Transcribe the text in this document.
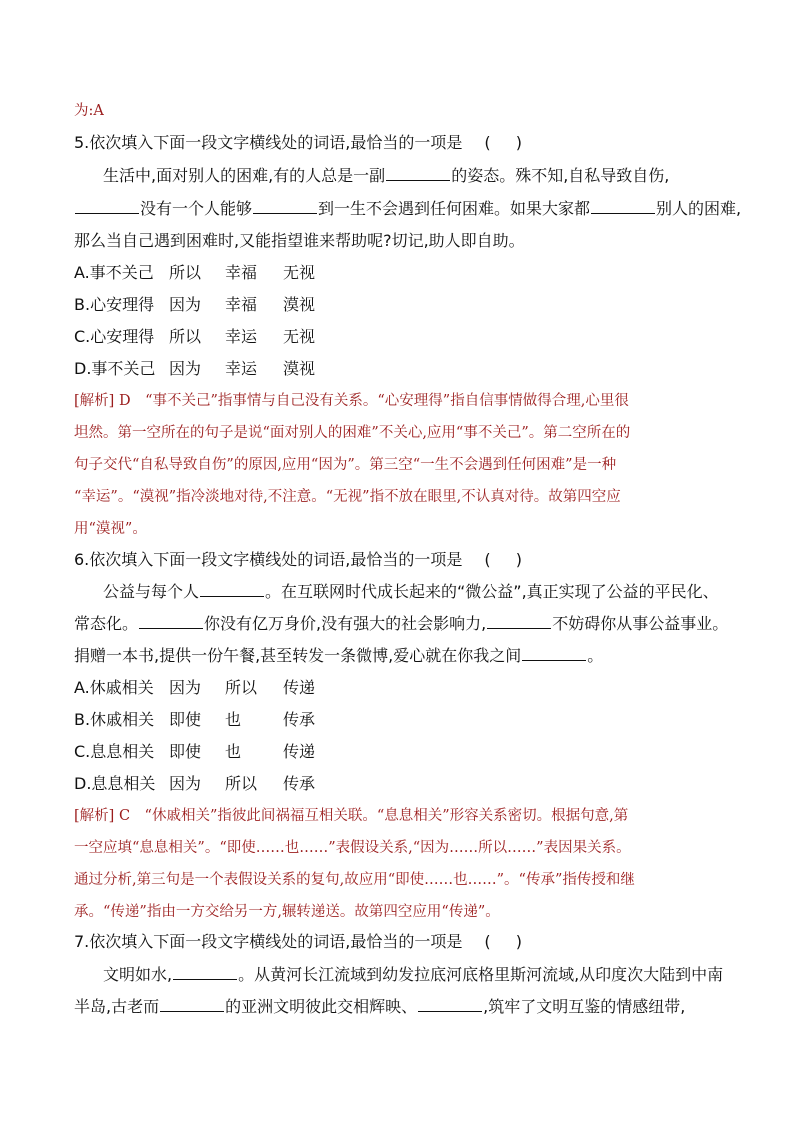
为:A
5.依次填入下面一段文字横线处的词语,最恰当的一项是 ( )
生活中,面对别人的困难,有的人总是一副	的姿态。殊不知,自私导致自伤,
没有一个人能够	到一生不会遇到任何困难。如果大家都	别人的困难,
那么当自己遇到困难时,又能指望谁来帮助呢?切记,助人即自助。
A.事不关己 所以 幸福 无视
B.心安理得 因为 幸福 漠视
C.心安理得 所以 幸运 无视
D.事不关己 因为 幸运 漠视
[解析] D　“事不关己”指事情与自己没有关系。“心安理得”指自信事情做得合理,心里很
坦然。第一空所在的句子是说“面对别人的困难”不关心,应用“事不关己”。第二空所在的
句子交代“自私导致自伤”的原因,应用“因为”。第三空“一生不会遇到任何困难”是一种
“幸运”。“漠视”指冷淡地对待,不注意。“无视”指不放在眼里,不认真对待。故第四空应
用“漠视”。
6.依次填入下面一段文字横线处的词语,最恰当的一项是 ( )
公益与每个人	。在互联网时代成长起来的“微公益”,真正实现了公益的平民化、
常态化。	你没有亿万身价,没有强大的社会影响力,	不妨碍你从事公益事业。
捐赠一本书,提供一份午餐,甚至转发一条微博,爱心就在你我之间	。
A.休戚相关 因为 所以 传递
B.休戚相关 即使 也	传承
C.息息相关 即使 也	传递
D.息息相关 因为 所以 传承
[解析] C　“休戚相关”指彼此间祸福互相关联。“息息相关”形容关系密切。根据句意,第
一空应填“息息相关”。“即使……也……”表假设关系,“因为……所以……”表因果关系。
通过分析,第三句是一个表假设关系的复句,故应用“即使……也……”。“传承”指传授和继
承。“传递”指由一方交给另一方,辗转递送。故第四空应用“传递”。
7.依次填入下面一段文字横线处的词语,最恰当的一项是 ( )
文明如水,	。从黄河长江流域到幼发拉底河底格里斯河流域,从印度次大陆到中南
半岛,古老而	的亚洲文明彼此交相辉映、	,筑牢了文明互鉴的情感纽带,
